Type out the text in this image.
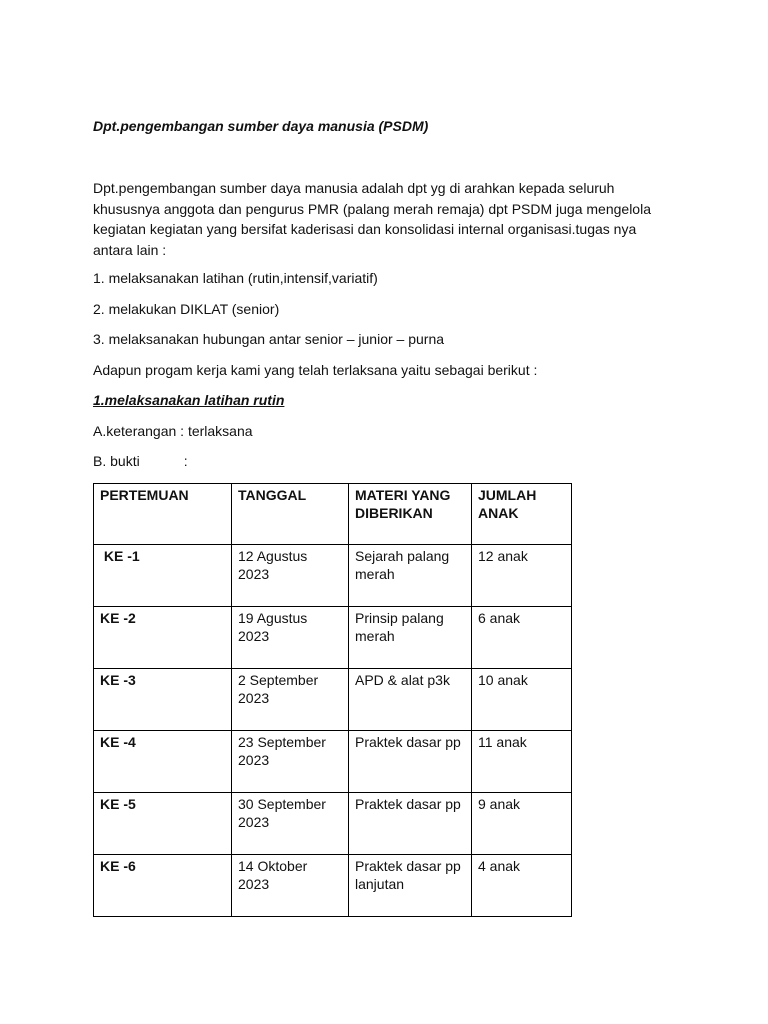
Dpt.pengembangan sumber daya manusia (PSDM)

Dpt.pengembangan sumber daya manusia adalah dpt yg di arahkan kepada seluruh khususnya anggota dan pengurus PMR (palang merah remaja) dpt PSDM juga mengelola kegiatan kegiatan yang bersifat kaderisasi dan konsolidasi internal organisasi.tugas nya antara lain :

1. melaksanakan latihan (rutin,intensif,variatif)

2. melakukan DIKLAT (senior)

3. melaksanakan hubungan antar senior – junior – purna

Adapun progam kerja kami yang telah terlaksana yaitu sebagai berikut :

1.melaksanakan latihan rutin

A.keterangan : terlaksana

B. bukti	:

PERTEMUAN	TANGGAL	MATERI YANG DIBERIKAN	JUMLAH ANAK
KE -1	12 Agustus 2023	Sejarah palang merah	12 anak
KE -2	19 Agustus 2023	Prinsip palang merah	6 anak
KE -3	2 September 2023	APD & alat p3k	10 anak
KE -4	23 September 2023	Praktek dasar pp	11 anak
KE -5	30 September 2023	Praktek dasar pp	9 anak
KE -6	14 Oktober 2023	Praktek dasar pp lanjutan	4 anak
